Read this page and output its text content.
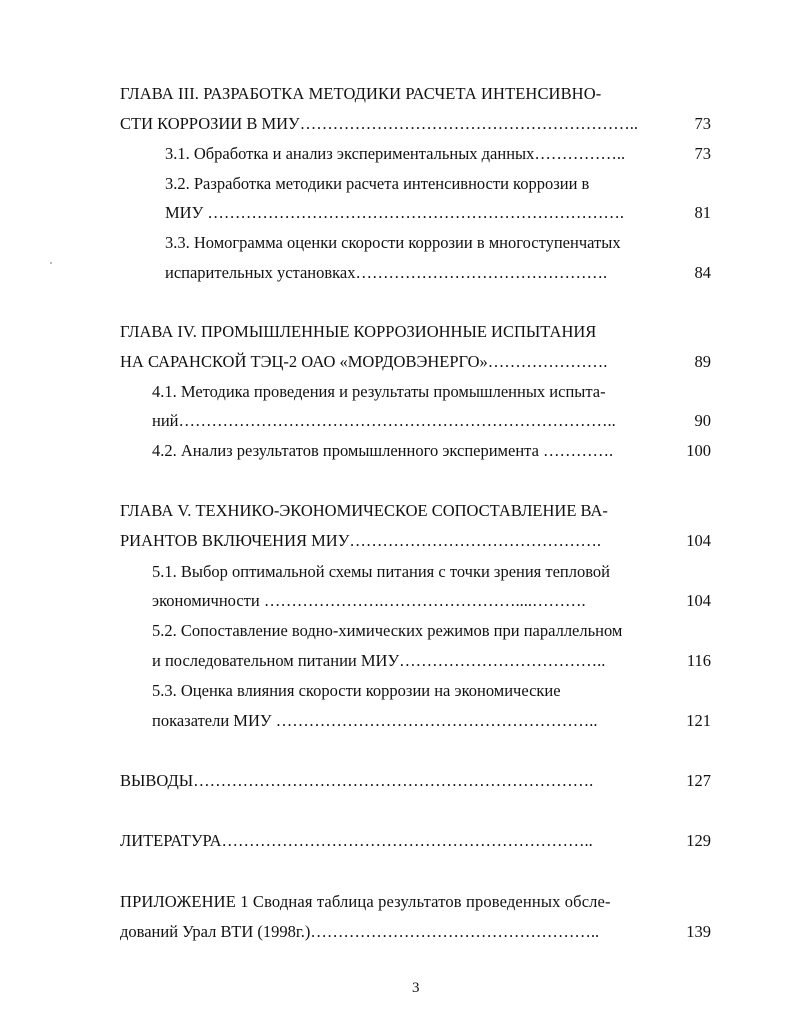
ГЛАВА III. РАЗРАБОТКА МЕТОДИКИ РАСЧЕТА ИНТЕНСИВНО-
СТИ КОРРОЗИИ В МИУ……………………………………………………..	73
3.1. Обработка и анализ экспериментальных данных……………..	73
3.2. Разработка методики расчета интенсивности коррозии в
МИУ ………………………………………………………………….	81
3.3. Номограмма оценки скорости коррозии в многоступенчатых
испарительных установках……………………………………….	84
ГЛАВА IV. ПРОМЫШЛЕННЫЕ КОРРОЗИОННЫЕ ИСПЫТАНИЯ
НА САРАНСКОЙ ТЭЦ-2 ОАО «МОРДОВЭНЕРГО»………………….	89
4.1. Методика проведения и результаты промышленных испыта-
ний……………………………………………………………………..	90
4.2. Анализ результатов промышленного эксперимента ………….	100
ГЛАВА V. ТЕХНИКО-ЭКОНОМИЧЕСКОЕ СОПОСТАВЛЕНИЕ ВА-
РИАНТОВ ВКЛЮЧЕНИЯ МИУ……………………………………….	104
5.1. Выбор оптимальной схемы питания с точки зрения тепловой
экономичности ………………….……………………....……….	104
5.2. Сопоставление водно-химических режимов при параллельном
и последовательном питании МИУ………………………………..	116
5.3. Оценка влияния скорости коррозии на экономические
показатели МИУ …………………………………………………..	121
ВЫВОДЫ……………………………………………………………….	127
ЛИТЕРАТУРА…………………………………………………………..	129
ПРИЛОЖЕНИЕ 1 Сводная таблица результатов проведенных обсле-
дований Урал ВТИ (1998г.)……………………………………………..	139
3
